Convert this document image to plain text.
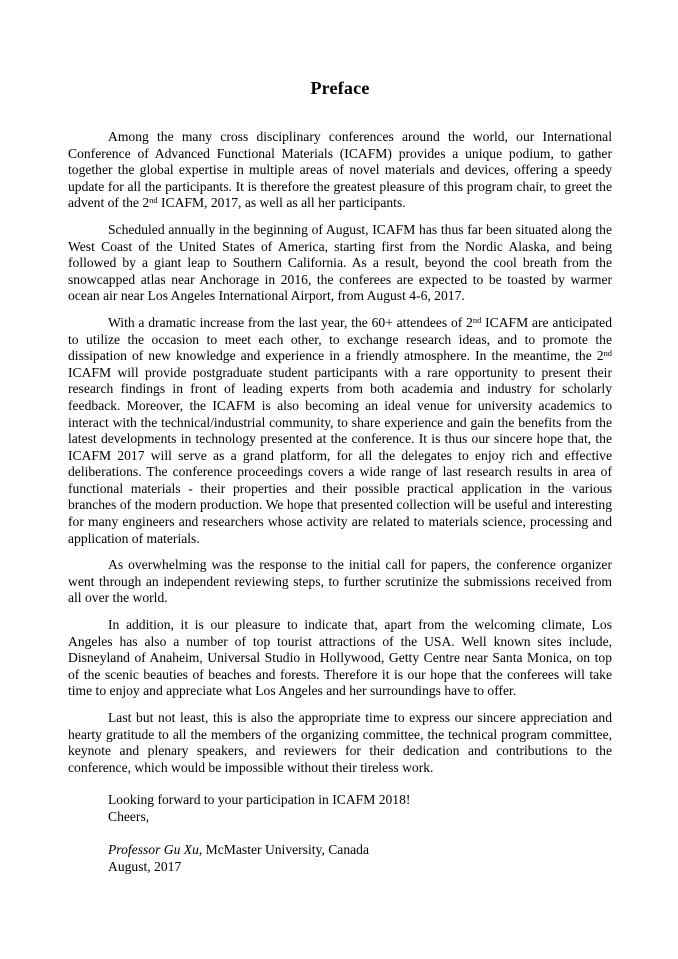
Preface

Among the many cross disciplinary conferences around the world, our International Conference of Advanced Functional Materials (ICAFM) provides a unique podium, to gather together the global expertise in multiple areas of novel materials and devices, offering a speedy update for all the participants. It is therefore the greatest pleasure of this program chair, to greet the advent of the 2nd ICAFM, 2017, as well as all her participants.

Scheduled annually in the beginning of August, ICAFM has thus far been situated along the West Coast of the United States of America, starting first from the Nordic Alaska, and being followed by a giant leap to Southern California. As a result, beyond the cool breath from the snowcapped atlas near Anchorage in 2016, the conferees are expected to be toasted by warmer ocean air near Los Angeles International Airport, from August 4-6, 2017.

With a dramatic increase from the last year, the 60+ attendees of 2nd ICAFM are anticipated to utilize the occasion to meet each other, to exchange research ideas, and to promote the dissipation of new knowledge and experience in a friendly atmosphere. In the meantime, the 2nd ICAFM will provide postgraduate student participants with a rare opportunity to present their research findings in front of leading experts from both academia and industry for scholarly feedback. Moreover, the ICAFM is also becoming an ideal venue for university academics to interact with the technical/industrial community, to share experience and gain the benefits from the latest developments in technology presented at the conference. It is thus our sincere hope that, the ICAFM 2017 will serve as a grand platform, for all the delegates to enjoy rich and effective deliberations. The conference proceedings covers a wide range of last research results in area of functional materials - their properties and their possible practical application in the various branches of the modern production. We hope that presented collection will be useful and interesting for many engineers and researchers whose activity are related to materials science, processing and application of materials.

As overwhelming was the response to the initial call for papers, the conference organizer went through an independent reviewing steps, to further scrutinize the submissions received from all over the world.

In addition, it is our pleasure to indicate that, apart from the welcoming climate, Los Angeles has also a number of top tourist attractions of the USA. Well known sites include, Disneyland of Anaheim, Universal Studio in Hollywood, Getty Centre near Santa Monica, on top of the scenic beauties of beaches and forests. Therefore it is our hope that the conferees will take time to enjoy and appreciate what Los Angeles and her surroundings have to offer.

Last but not least, this is also the appropriate time to express our sincere appreciation and hearty gratitude to all the members of the organizing committee, the technical program committee, keynote and plenary speakers, and reviewers for their dedication and contributions to the conference, which would be impossible without their tireless work.

Looking forward to your participation in ICAFM 2018!
Cheers,
Professor Gu Xu, McMaster University, Canada
August, 2017
